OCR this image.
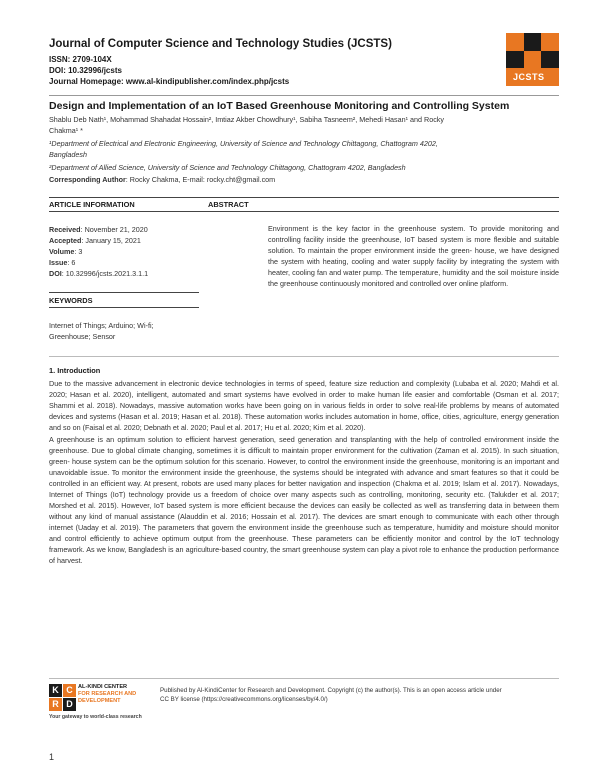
Journal of Computer Science and Technology Studies (JCSTS)
ISSN: 2709-104X
DOI: 10.32996/jcsts
Journal Homepage: www.al-kindipublisher.com/index.php/jcsts	JCSTS
Design and Implementation of an IoT Based Greenhouse Monitoring and Controlling System
Shablu Deb Nath¹, Mohammad Shahadat Hossain², Imtiaz Akber Chowdhury¹, Sabiha Tasneem², Mehedi Hasan¹ and Rocky
Chakma¹ *
¹Department of Electrical and Electronic Engineering, University of Science and Technology Chittagong, Chattogram 4202,
Bangladesh
²Department of Allied Science, University of Science and Technology Chittagong, Chattogram 4202, Bangladesh
Corresponding Author: Rocky Chakma, E-mail: rocky.cht@gmail.com
ARTICLE INFORMATION	ABSTRACT
Received: November 21, 2020
Accepted: January 15, 2021
Volume: 3
Issue: 6
DOI: 10.32996/jcsts.2021.3.1.1
KEYWORDS
Internet of Things; Arduino; Wi-fi;
Greenhouse; Sensor
Environment is the key factor in the greenhouse system. To provide monitoring and controlling facility inside the greenhouse, IoT based system is more flexible and suitable solution. To maintain the proper environment inside the green- house, we have designed the system with heating, cooling and water supply facility by integrating the system with heater, cooling fan and water pump. The temperature, humidity and the soil moisture inside the greenhouse continuously monitored and controlled over online platform.
1. Introduction
Due to the massive advancement in electronic device technologies in terms of speed, feature size reduction and complexity (Lubaba et al. 2020; Mahdi et al. 2020; Hasan et al. 2020), intelligent, automated and smart systems have evolved in order to make human life easier and comfortable (Osman et al. 2017; Shammi et al. 2018). Nowadays, massive automation works have been going on in various fields in order to solve real-life problems by means of automated devices and systems (Hasan et al. 2019; Hasan et al. 2018). These automation works includes automation in home, office, cities, agriculture, energy generation and so on (Faisal et al. 2020; Debnath et al. 2020; Paul et al. 2017; Hu et al. 2020; Kim et al. 2020).
A greenhouse is an optimum solution to efficient harvest generation, seed generation and transplanting with the help of controlled environment inside the greenhouse. Due to global climate changing, sometimes it is difficult to maintain proper environment for the cultivation (Zaman et al. 2015). In such situation, green- house system can be the optimum solution for this scenario. However, to control the environment inside the greenhouse, monitoring is an important and unavoidable issue. To monitor the environment inside the greenhouse, the systems should be integrated with advance and smart features so that it could be controlled in an efficient way. At present, robots are used many places for better navigation and inspection (Chakma et al. 2019; Islam et al. 2017). Nowadays, Internet of Things (IoT) technology provide us a freedom of choice over many aspects such as controlling, monitoring, security etc. (Talukder et al. 2017; Morshed et al. 2015). However, IoT based system is more efficient because the devices can easily be collected as well as transferring data in between them without any kind of manual assistance (Alauddin et al. 2016; Hossain et al. 2017). The devices are smart enough to communicate with each other through internet (Uaday et al. 2019). The parameters that govern the environment inside the greenhouse such as temperature, humidity and moisture should monitor and control efficiently to achieve optimum output from the greenhouse. These parameters can be efficiently monitor and control by the IoT technology framework. As we know, Bangladesh is an agriculture-based country, the smart greenhouse system can play a pivot role to enhance the production performance of harvest.
K C
R D
AL-KINDI CENTER
FOR RESEARCH AND
DEVELOPMENT
Your gateway to world-class research
Published by Al-KindiCenter for Research and Development. Copyright (c) the author(s). This is an open access article under
CC BY license (https://creativecommons.org/licenses/by/4.0/)
1
